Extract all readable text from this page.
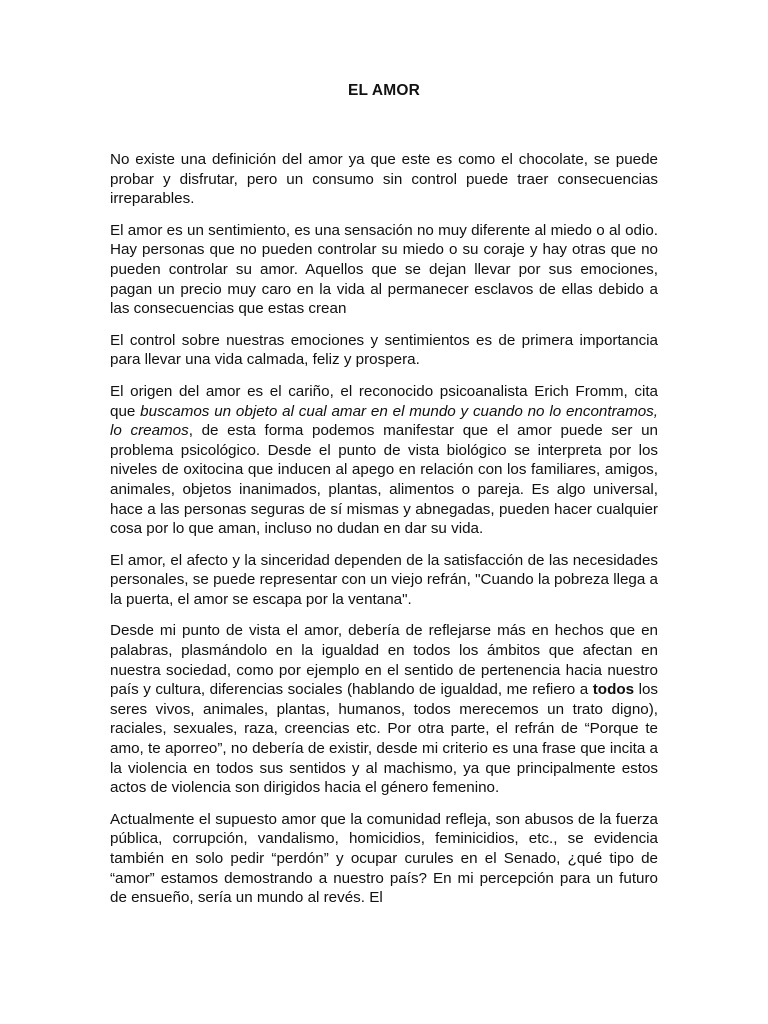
EL AMOR

No existe una definición del amor ya que este es como el chocolate, se puede probar y disfrutar, pero un consumo sin control puede traer consecuencias irreparables.

El amor es un sentimiento, es una sensación no muy diferente al miedo o al odio. Hay personas que no pueden controlar su miedo o su coraje y hay otras que no pueden controlar su amor. Aquellos que se dejan llevar por sus emociones, pagan un precio muy caro en la vida al permanecer esclavos de ellas debido a las consecuencias que estas crean

El control sobre nuestras emociones y sentimientos es de primera importancia para llevar una vida calmada, feliz y prospera.

El origen del amor es el cariño, el reconocido psicoanalista Erich Fromm, cita que buscamos un objeto al cual amar en el mundo y cuando no lo encontramos, lo creamos, de esta forma podemos manifestar que el amor puede ser un problema psicológico. Desde el punto de vista biológico se interpreta por los niveles de oxitocina que inducen al apego en relación con los familiares, amigos, animales, objetos inanimados, plantas, alimentos o pareja. Es algo universal, hace a las personas seguras de sí mismas y abnegadas, pueden hacer cualquier cosa por lo que aman, incluso no dudan en dar su vida.

El amor, el afecto y la sinceridad dependen de la satisfacción de las necesidades personales, se puede representar con un viejo refrán, "Cuando la pobreza llega a la puerta, el amor se escapa por la ventana".

Desde mi punto de vista el amor, debería de reflejarse más en hechos que en palabras, plasmándolo en la igualdad en todos los ámbitos que afectan en nuestra sociedad, como por ejemplo en el sentido de pertenencia hacia nuestro país y cultura, diferencias sociales (hablando de igualdad, me refiero a todos los seres vivos, animales, plantas, humanos, todos merecemos un trato digno), raciales, sexuales, raza, creencias etc. Por otra parte, el refrán de “Porque te amo, te aporreo”, no debería de existir, desde mi criterio es una frase que incita a la violencia en todos sus sentidos y al machismo, ya que principalmente estos actos de violencia son dirigidos hacia el género femenino.

Actualmente el supuesto amor que la comunidad refleja, son abusos de la fuerza pública, corrupción, vandalismo, homicidios, feminicidios, etc., se evidencia también en solo pedir “perdón” y ocupar curules en el Senado, ¿qué tipo de “amor” estamos demostrando a nuestro país? En mi percepción para un futuro de ensueño, sería un mundo al revés. El
